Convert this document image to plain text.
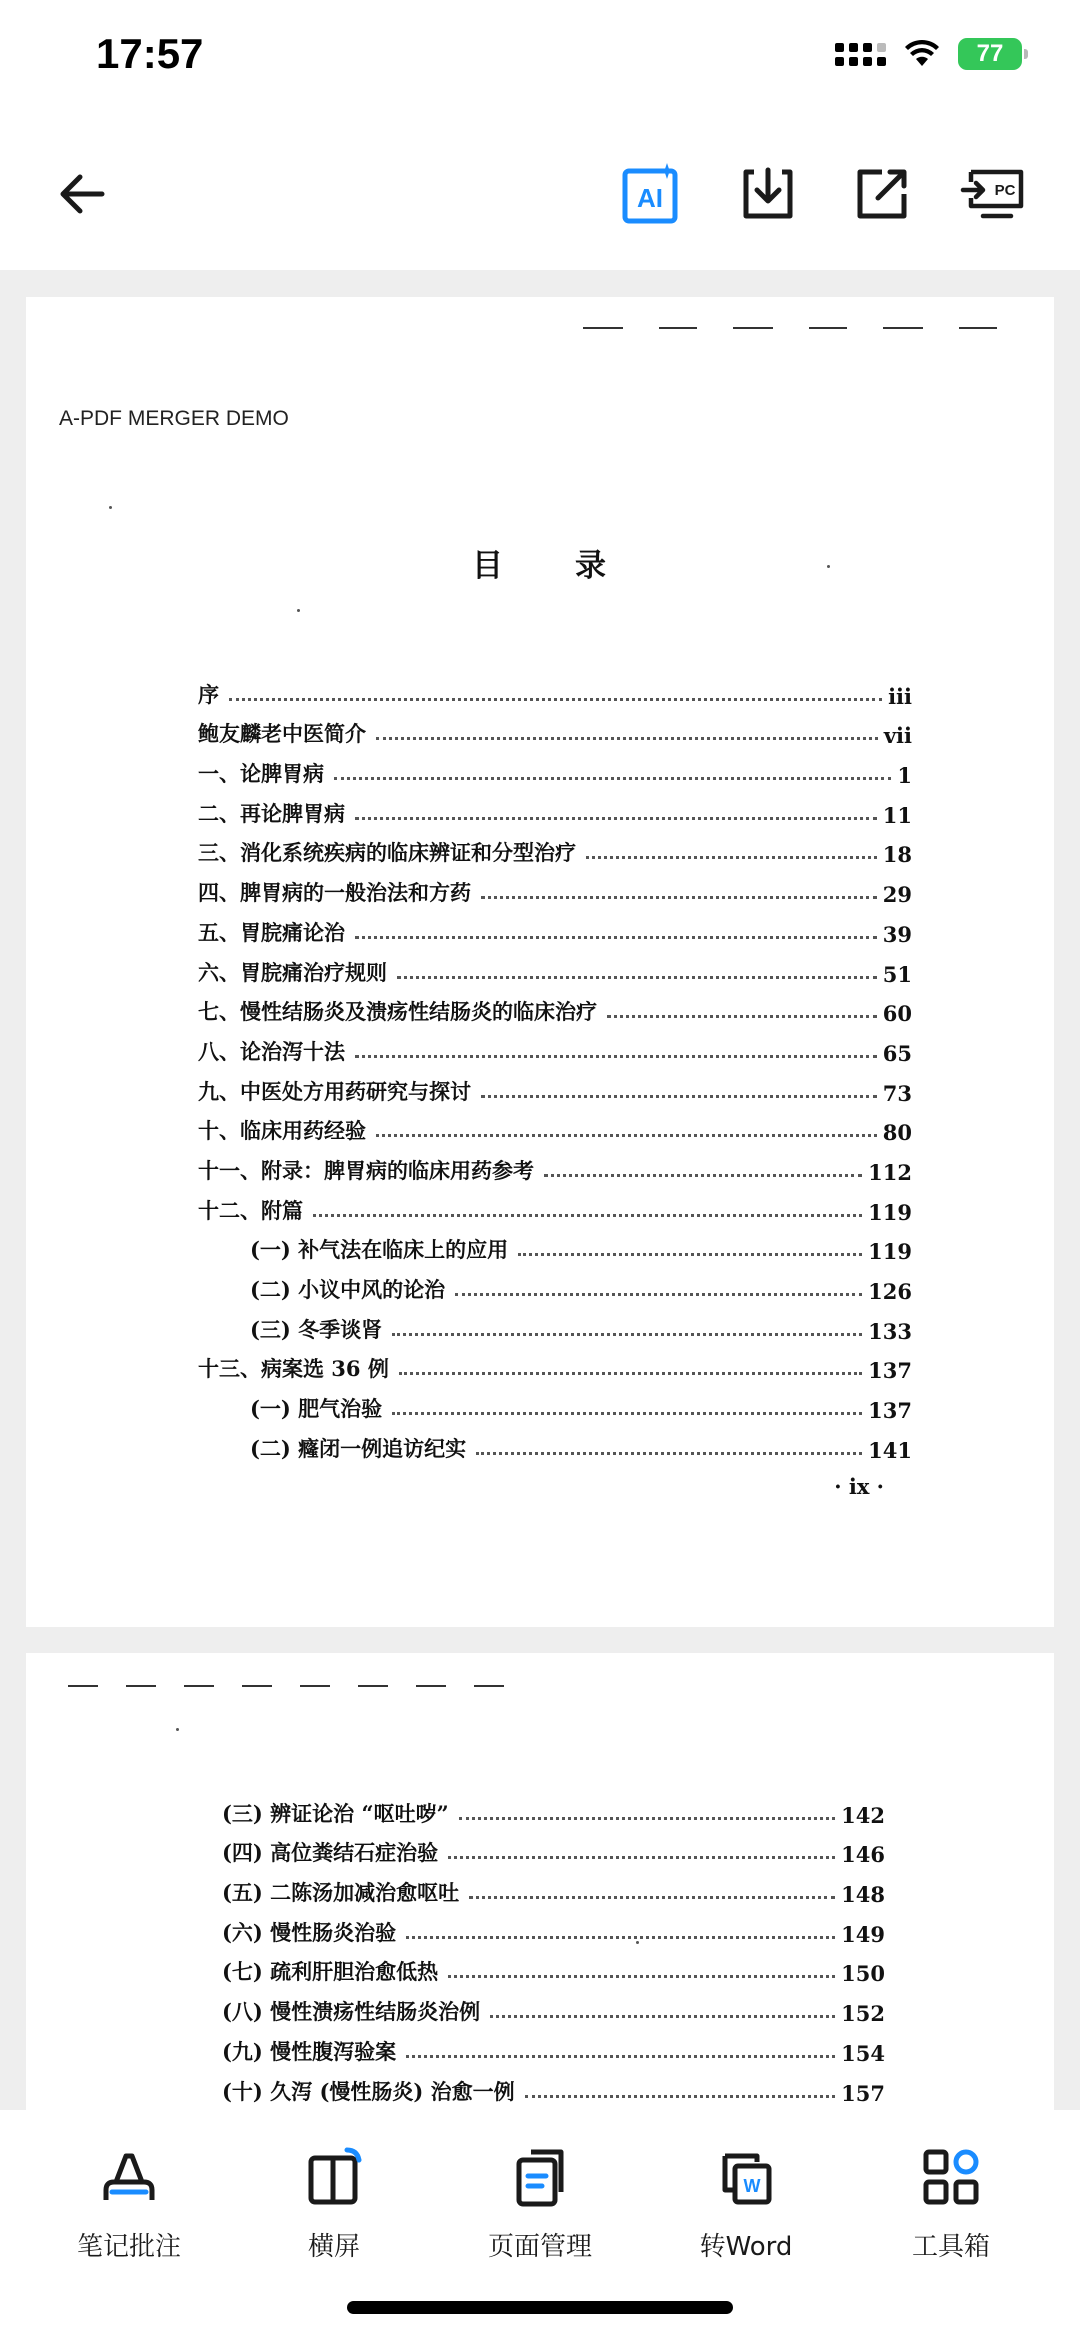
17:57	77
AI	PC
A-PDF MERGER DEMO
目 录
序	iii
鲍友麟老中医简介	vii
一、论脾胃病	1
二、再论脾胃病	11
三、消化系统疾病的临床辨证和分型治疗	18
四、脾胃病的一般治法和方药	29
五、胃脘痛论治	39
六、胃脘痛治疗规则	51
七、慢性结肠炎及溃疡性结肠炎的临床治疗	60
八、论治泻十法	65
九、中医处方用药研究与探讨	73
十、临床用药经验	80
十一、附录：脾胃病的临床用药参考	112
十二、附篇	119
(一) 补气法在临床上的应用	119
(二) 小议中风的论治	126
(三) 冬季谈肾	133
十三、病案选 36 例	137
(一) 肥气治验	137
(二) 癃闭一例追访纪实	141
· ix ·
(三) 辨证论治 “呕吐哕”	142
(四) 高位粪结石症治验	146
(五) 二陈汤加减治愈呕吐	148
(六) 慢性肠炎治验	149
(七) 疏利肝胆治愈低热	150
(八) 慢性溃疡性结肠炎治例	152
(九) 慢性腹泻验案	154
(十) 久泻 (慢性肠炎) 治愈一例	157
笔记批注	横屏	页面管理
W
转Word	工具箱
